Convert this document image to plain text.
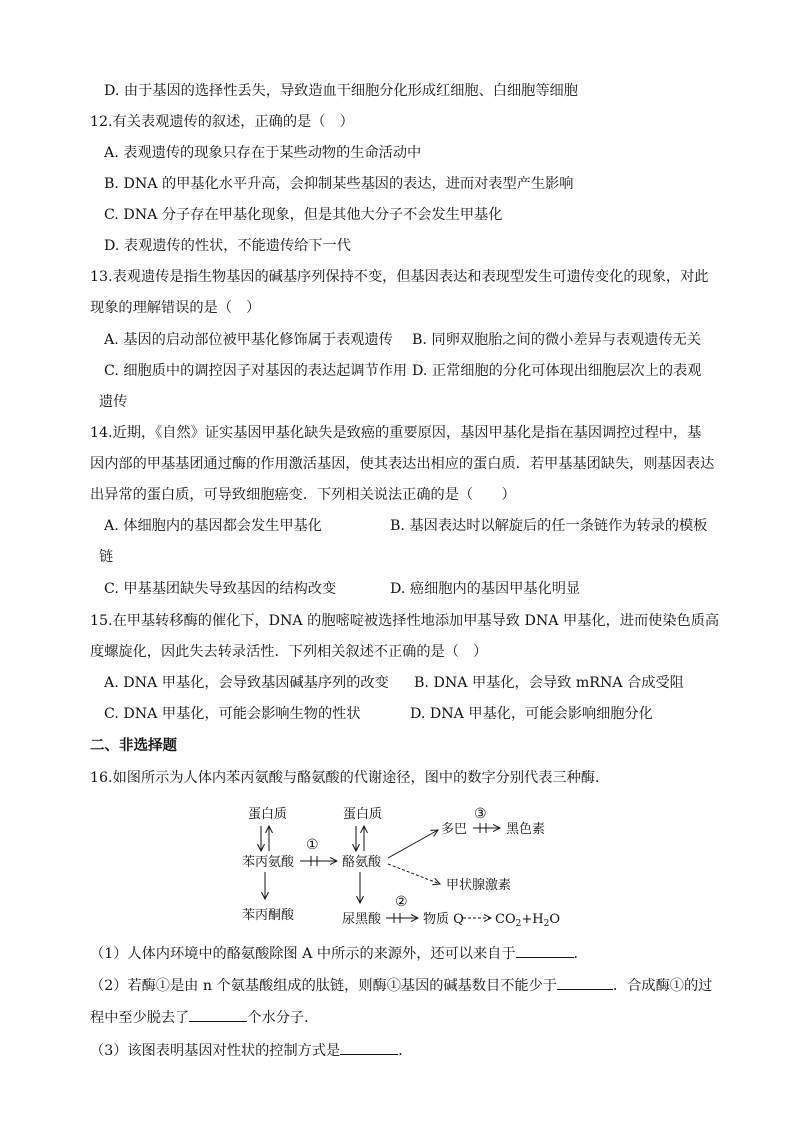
D. 由于基因的选择性丢失，导致造血干细胞分化形成红细胞、白细胞等细胞
12.有关表观遗传的叙述，正确的是（　）
A. 表观遗传的现象只存在于某些动物的生命活动中
B. DNA 的甲基化水平升高，会抑制某些基因的表达，进而对表型产生影响
C. DNA 分子存在甲基化现象，但是其他大分子不会发生甲基化
D. 表观遗传的性状，不能遗传给下一代
13.表观遗传是指生物基因的碱基序列保持不变，但基因表达和表现型发生可遗传变化的现象，对此
现象的理解错误的是（　）
A. 基因的启动部位被甲基化修饰属于表观遗传 B. 同卵双胞胎之间的微小差异与表观遗传无关
C. 细胞质中的调控因子对基因的表达起调节作用 D. 正常细胞的分化可体现出细胞层次上的表观
遗传
14.近期，《自然》证实基因甲基化缺失是致癌的重要原因，基因甲基化是指在基因调控过程中，基
因内部的甲基基团通过酶的作用激活基因，使其表达出相应的蛋白质．若甲基基团缺失，则基因表达
出异常的蛋白质，可导致细胞癌变．下列相关说法正确的是（　　）
A. 体细胞内的基因都会发生甲基化	B. 基因表达时以解旋后的任一条链作为转录的模板
链
C. 甲基基团缺失导致基因的结构改变	D. 癌细胞内的基因甲基化明显
15.在甲基转移酶的催化下，DNA 的胞嘧啶被选择性地添加甲基导致 DNA 甲基化，进而使染色质高
度螺旋化，因此失去转录活性．下列相关叙述不正确的是（　）
A. DNA 甲基化，会导致基因碱基序列的改变 B. DNA 甲基化，会导致 mRNA 合成受阻
C. DNA 甲基化，可能会影响生物的性状	D. DNA 甲基化，可能会影响细胞分化
二、非选择题
16.如图所示为人体内苯丙氨酸与酪氨酸的代谢途径，图中的数字分别代表三种酶．
蛋白质	蛋白质
苯丙氨酸	酪氨酸
苯丙酮酸	尿黑酸
多巴	黑色素
甲状腺激素
物质 Q $CO_2+H_2O$
①
②
③
（1）人体内环境中的酪氨酸除图 A 中所示的来源外，还可以来自于	．
（2）若酶①是由 n 个氨基酸组成的肽链，则酶①基因的碱基数目不能少于	．合成酶①的过
程中至少脱去了	个水分子．
（3）该图表明基因对性状的控制方式是	．
